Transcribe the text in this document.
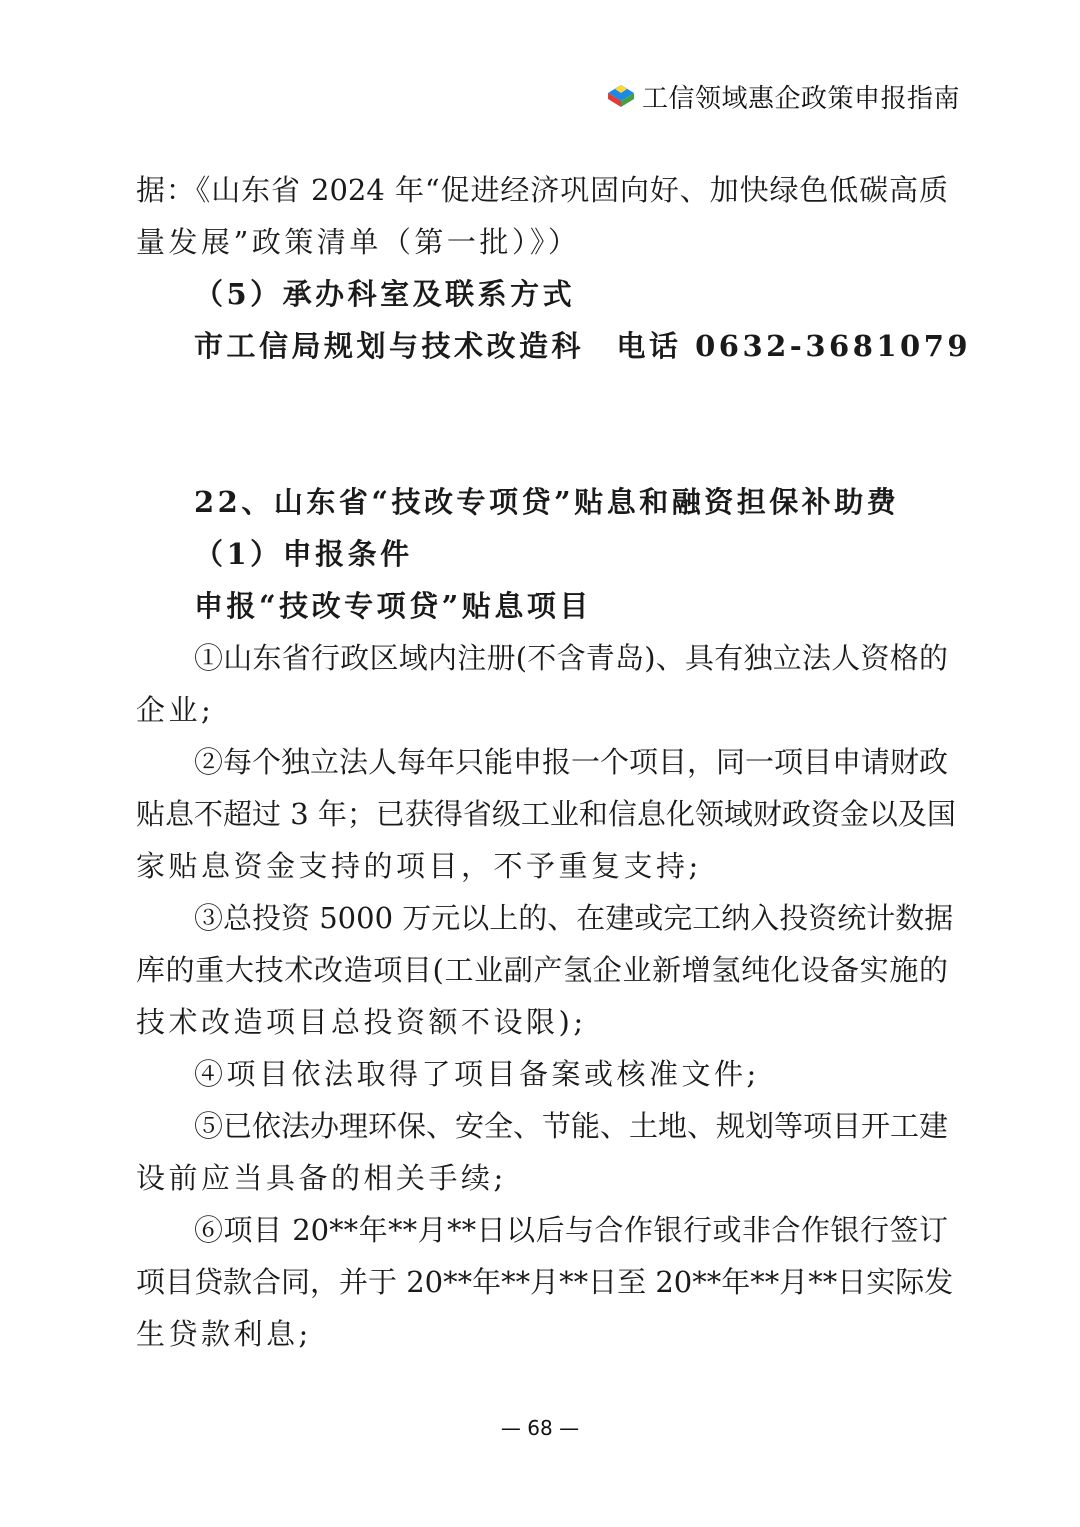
工信领域惠企政策申报指南
据：《山东省 2024 年“促进经济巩固向好、加快绿色低碳高质
量发展”政策清单（第一批）》）
（5）承办科室及联系方式
市工信局规划与技术改造科　电话 0632-3681079
22、山东省“技改专项贷”贴息和融资担保补助费
（1）申报条件
申报“技改专项贷”贴息项目
①山东省行政区域内注册(不含青岛)、具有独立法人资格的
企业;
②每个独立法人每年只能申报一个项目，同一项目申请财政
贴息不超过 3 年；已获得省级工业和信息化领域财政资金以及国
家贴息资金支持的项目，不予重复支持;
③总投资 5000 万元以上的、在建或完工纳入投资统计数据
库的重大技术改造项目(工业副产氢企业新增氢纯化设备实施的
技术改造项目总投资额不设限);
④项目依法取得了项目备案或核准文件;
⑤已依法办理环保、安全、节能、土地、规划等项目开工建
设前应当具备的相关手续;
⑥项目 20**年**月**日以后与合作银行或非合作银行签订
项目贷款合同，并于 20**年**月**日至 20**年**月**日实际发
生贷款利息;
— 68 —
